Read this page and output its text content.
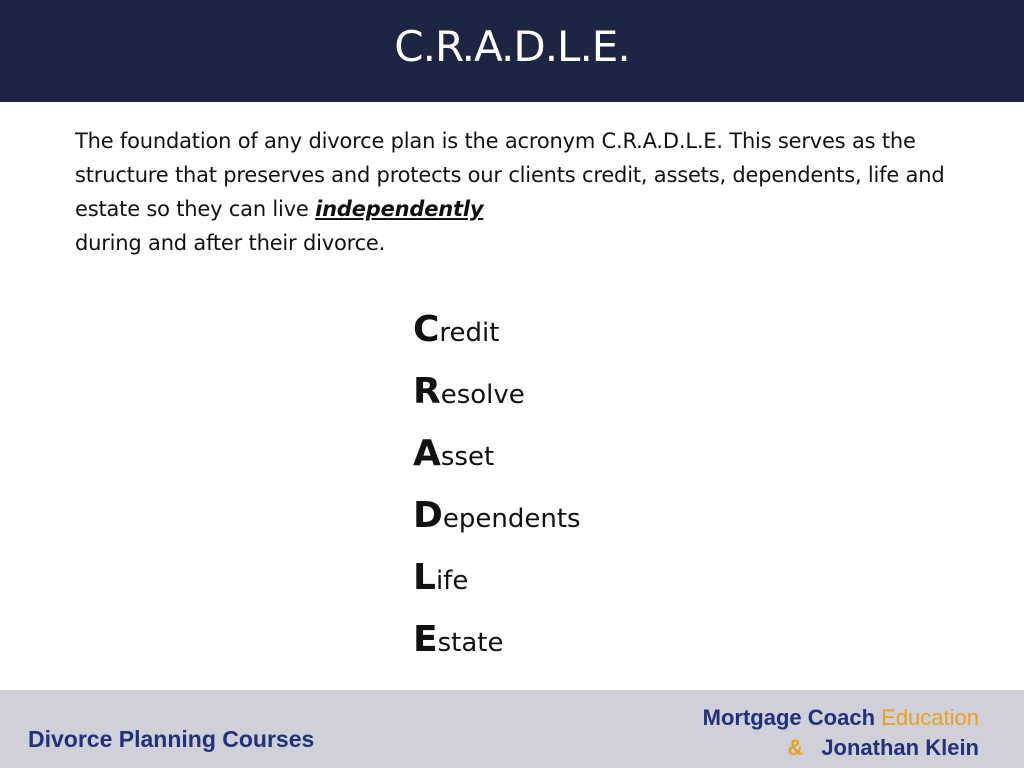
C.R.A.D.L.E.
The foundation of any divorce plan is the acronym C.R.A.D.L.E. This serves as the structure that preserves and protects our clients credit, assets, dependents, life and estate so they can live independently
during and after their divorce.
Credit
Resolve
Asset
Dependents
Life
Estate
Divorce Planning Courses
Mortgage Coach Education
& Jonathan Klein
